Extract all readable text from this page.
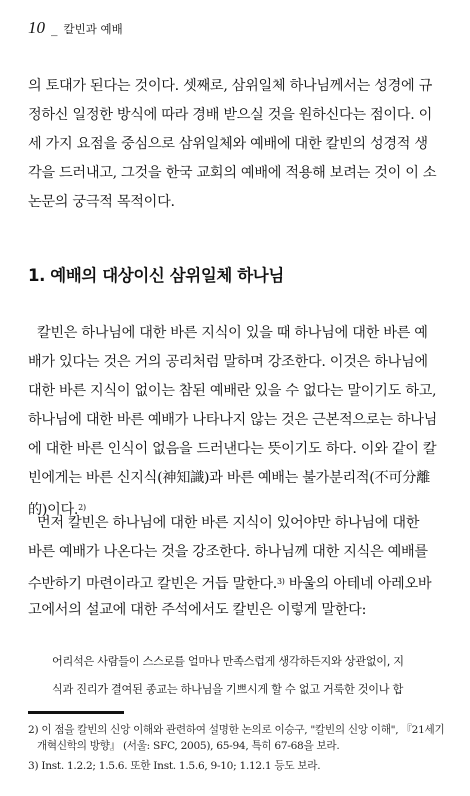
10 _ 칼빈과 예배
의 토대가 된다는 것이다. 셋째로, 삼위일체 하나님께서는 성경에 규
정하신 일정한 방식에 따라 경배 받으실 것을 원하신다는 점이다. 이
세 가지 요점을 중심으로 삼위일체와 예배에 대한 칼빈의 성경적 생
각을 드러내고, 그것을 한국 교회의 예배에 적용해 보려는 것이 이 소
논문의 궁극적 목적이다.
1. 예배의 대상이신 삼위일체 하나님
칼빈은 하나님에 대한 바른 지식이 있을 때 하나님에 대한 바른 예
배가 있다는 것은 거의 공리처럼 말하며 강조한다. 이것은 하나님에
대한 바른 지식이 없이는 참된 예배란 있을 수 없다는 말이기도 하고,
하나님에 대한 바른 예배가 나타나지 않는 것은 근본적으로는 하나님
에 대한 바른 인식이 없음을 드러낸다는 뜻이기도 하다. 이와 같이 칼
빈에게는 바른 신지식(神知識)과 바른 예배는 불가분리적(不可分離
的)이다.$^{2)}$
먼저 칼빈은 하나님에 대한 바른 지식이 있어야만 하나님에 대한
바른 예배가 나온다는 것을 강조한다. 하나님께 대한 지식은 예배를
수반하기 마련이라고 칼빈은 거듭 말한다.$^{3)}$ 바울의 아테네 아레오바
고에서의 설교에 대한 주석에서도 칼빈은 이렇게 말한다:
어리석은 사람들이 스스로를 얼마나 만족스럽게 생각하든지와 상관없이, 지
식과 진리가 결여된 종교는 하나님을 기쁘시게 할 수 없고 거룩한 것이나 합
2) 이 점을 칼빈의 신앙 이해와 관련하여 설명한 논의로 이승구, "칼빈의 신앙 이해", 『21세기
개혁신학의 방향』 (서울: SFC, 2005), 65-94, 특히 67-68을 보라.
3) Inst. 1.2.2; 1.5.6. 또한 Inst. 1.5.6, 9-10; 1.12.1 등도 보라.
